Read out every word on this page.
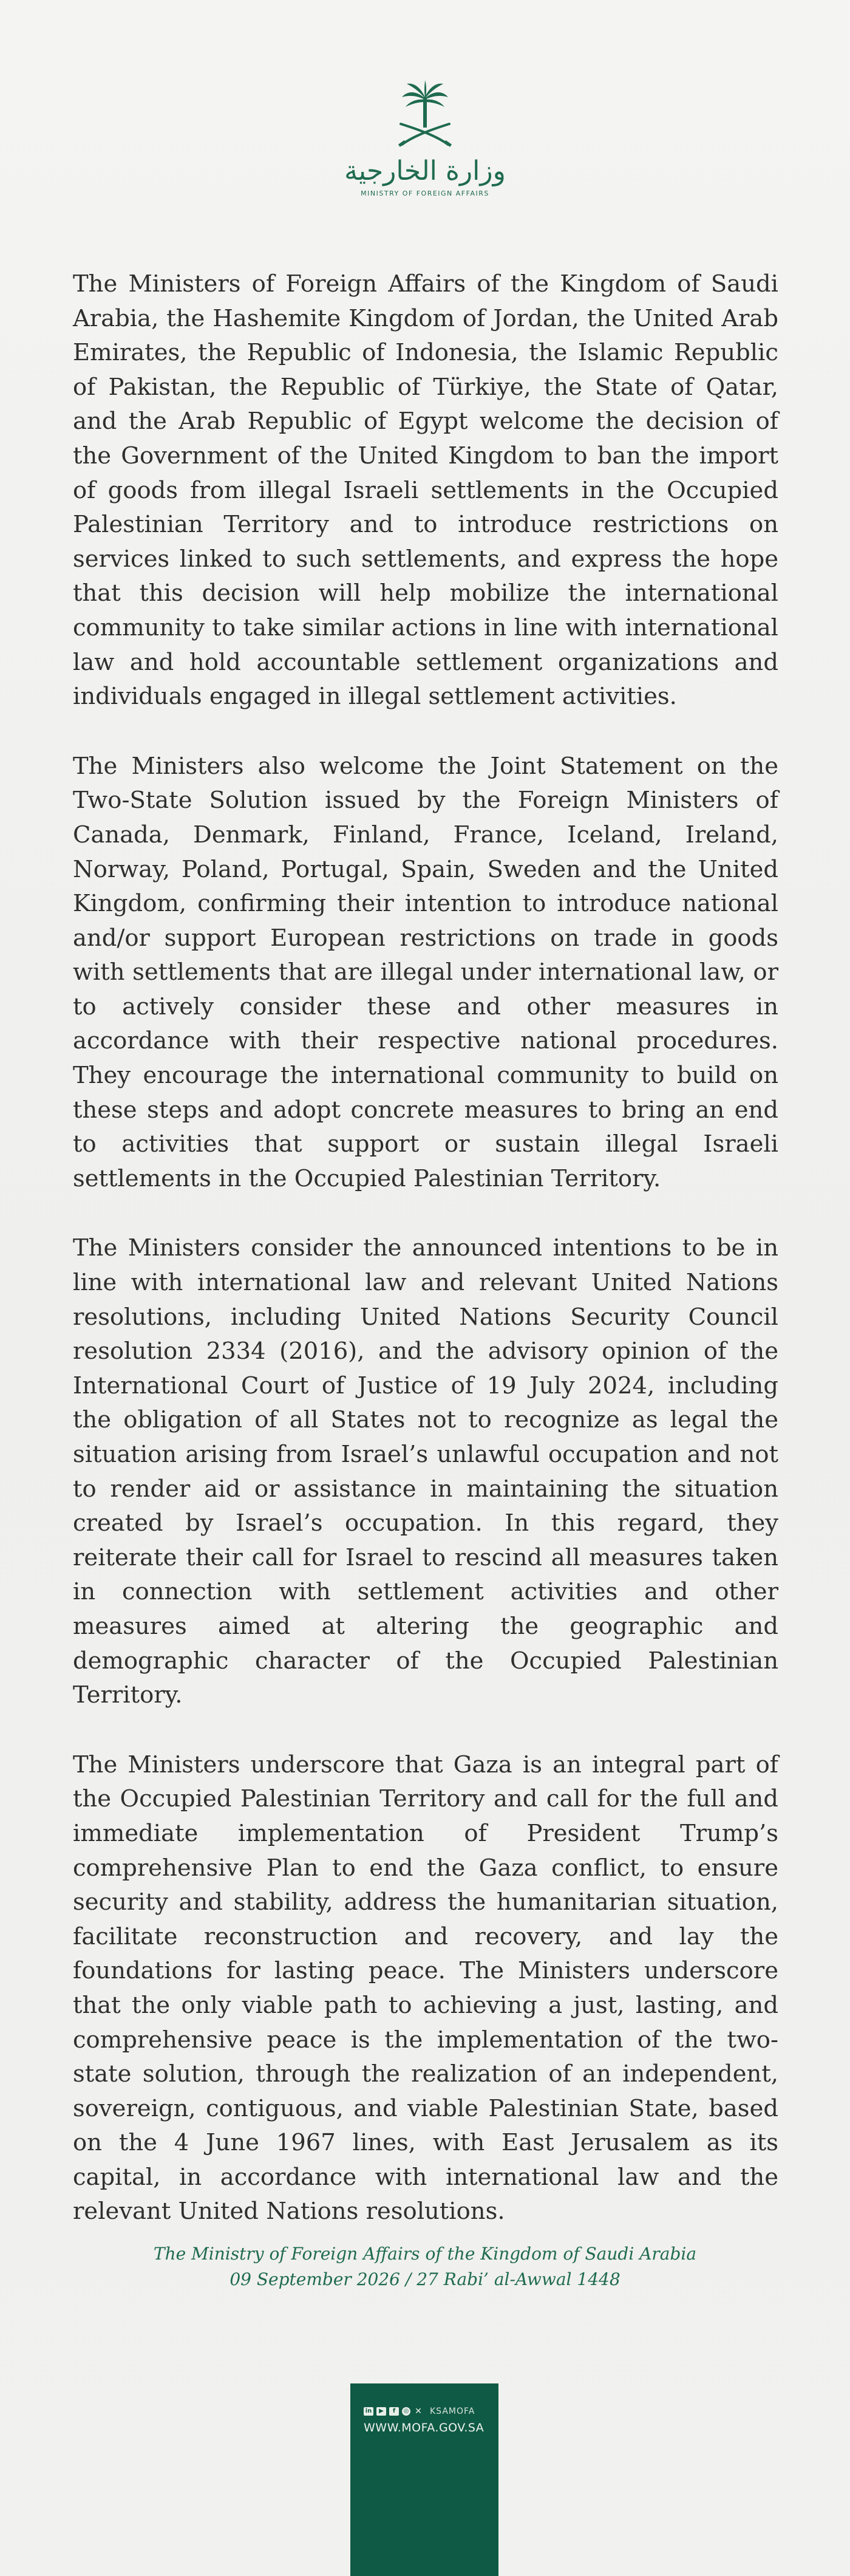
وزارة الخارجية
MINISTRY OF FOREIGN AFFAIRS

The Ministers of Foreign Affairs of the Kingdom of Saudi Arabia, the Hashemite Kingdom of Jordan, the United Arab Emirates, the Republic of Indonesia, the Islamic Republic of Pakistan, the Republic of Türkiye, the State of Qatar, and the Arab Republic of Egypt welcome the decision of the Government of the United Kingdom to ban the import of goods from illegal Israeli settlements in the Occupied Palestinian Territory and to introduce restrictions on services linked to such settlements, and express the hope that this decision will help mobilize the international community to take similar actions in line with international law and hold accountable settlement organizations and individuals engaged in illegal settlement activities.

The Ministers also welcome the Joint Statement on the Two-State Solution issued by the Foreign Ministers of Canada, Denmark, Finland, France, Iceland, Ireland, Norway, Poland, Portugal, Spain, Sweden and the United Kingdom, confirming their intention to introduce national and/or support European restrictions on trade in goods with settlements that are illegal under international law, or to actively consider these and other measures in accordance with their respective national procedures. They encourage the international community to build on these steps and adopt concrete measures to bring an end to activities that support or sustain illegal Israeli settlements in the Occupied Palestinian Territory.

The Ministers consider the announced intentions to be in line with international law and relevant United Nations resolutions, including United Nations Security Council resolution 2334 (2016), and the advisory opinion of the International Court of Justice of 19 July 2024, including the obligation of all States not to recognize as legal the situation arising from Israel’s unlawful occupation and not to render aid or assistance in maintaining the situation created by Israel’s occupation. In this regard, they reiterate their call for Israel to rescind all measures taken in connection with settlement activities and other measures aimed at altering the geographic and demographic character of the Occupied Palestinian Territory.

The Ministers underscore that Gaza is an integral part of the Occupied Palestinian Territory and call for the full and immediate implementation of President Trump’s comprehensive Plan to end the Gaza conflict, to ensure security and stability, address the humanitarian situation, facilitate reconstruction and recovery, and lay the foundations for lasting peace. The Ministers underscore that the only viable path to achieving a just, lasting, and comprehensive peace is the implementation of the two-state solution, through the realization of an independent, sovereign, contiguous, and viable Palestinian State, based on the 4 June 1967 lines, with East Jerusalem as its capital, in accordance with international law and the relevant United Nations resolutions.

The Ministry of Foreign Affairs of the Kingdom of Saudi Arabia
09 September 2026 / 27 Rabi’ al-Awwal 1448
in	▶	f	◎ ✕ KSAMOFA
WWW.MOFA.GOV.SA
